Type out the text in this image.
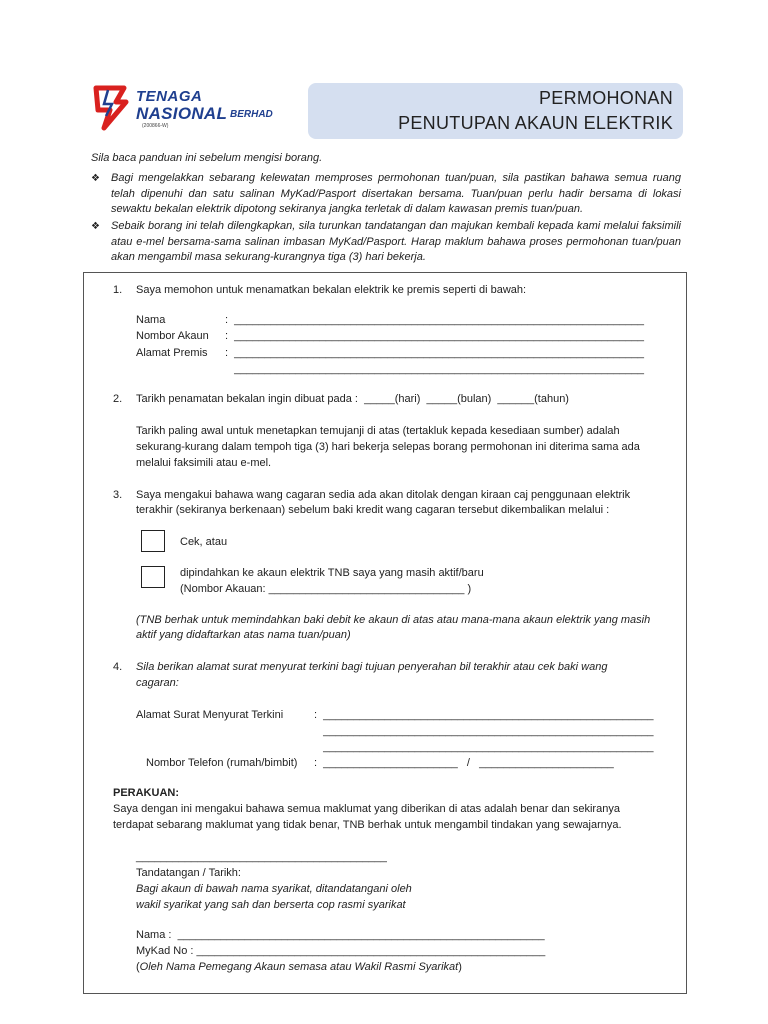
TENAGA
NASIONAL BERHAD
(200866-W)
PERMOHONAN
PENUTUPAN AKAUN ELEKTRIK
Sila baca panduan ini sebelum mengisi borang.
❖ Bagi mengelakkan sebarang kelewatan memproses permohonan tuan/puan, sila pastikan bahawa semua ruang telah dipenuhi dan satu salinan MyKad/Pasport disertakan bersama. Tuan/puan perlu hadir bersama di lokasi sewaktu bekalan elektrik dipotong sekiranya jangka terletak di dalam kawasan premis tuan/puan.
❖ Sebaik borang ini telah dilengkapkan, sila turunkan tandatangan dan majukan kembali kepada kami melalui faksimili atau e-mel bersama-sama salinan imbasan MyKad/Pasport. Harap maklum bahawa proses permohonan tuan/puan akan mengambil masa sekurang-kurangnya tiga (3) hari bekerja.
1. Saya memohon untuk menamatkan bekalan elektrik ke premis seperti di bawah:
Nama	:  ___________________________________________________________________
Nombor Akaun :  ___________________________________________________________________
Alamat Premis :  ___________________________________________________________________
___________________________________________________________________
2. Tarikh penamatan bekalan ingin dibuat pada :  _____(hari)  _____(bulan)  ______(tahun)
Tarikh paling awal untuk menetapkan temujanji di atas (tertakluk kepada kesediaan sumber) adalah
sekurang-kurang dalam tempoh tiga (3) hari bekerja selepas borang permohonan ini diterima sama ada
melalui faksimili atau e-mel.
3. Saya mengakui bahawa wang cagaran sedia ada akan ditolak dengan kiraan caj penggunaan elektrik
terakhir (sekiranya berkenaan) sebelum baki kredit wang cagaran tersebut dikembalikan melalui :
Cek, atau
dipindahkan ke akaun elektrik TNB saya yang masih aktif/baru
(Nombor Akauan: ________________________________ )
(TNB berhak untuk memindahkan baki debit ke akaun di atas atau mana-mana akaun elektrik yang masih
aktif yang didaftarkan atas nama tuan/puan)
4. Sila berikan alamat surat menyurat terkini bagi tujuan penyerahan bil terakhir atau cek baki wang
cagaran:
Alamat Surat Menyurat Terkini	:  ______________________________________________________
______________________________________________________
______________________________________________________
Nombor Telefon (rumah/bimbit) :  ______________________   /   ______________________
PERAKUAN:
Saya dengan ini mengakui bahawa semua maklumat yang diberikan di atas adalah benar dan sekiranya
terdapat sebarang maklumat yang tidak benar, TNB berhak untuk mengambil tindakan yang sewajarnya.
_________________________________________
Tandatangan / Tarikh:
Bagi akaun di bawah nama syarikat, ditandatangani oleh
wakil syarikat yang sah dan berserta cop rasmi syarikat
Nama :  ____________________________________________________________
MyKad No : _________________________________________________________
(Oleh Nama Pemegang Akaun semasa atau Wakil Rasmi Syarikat)
